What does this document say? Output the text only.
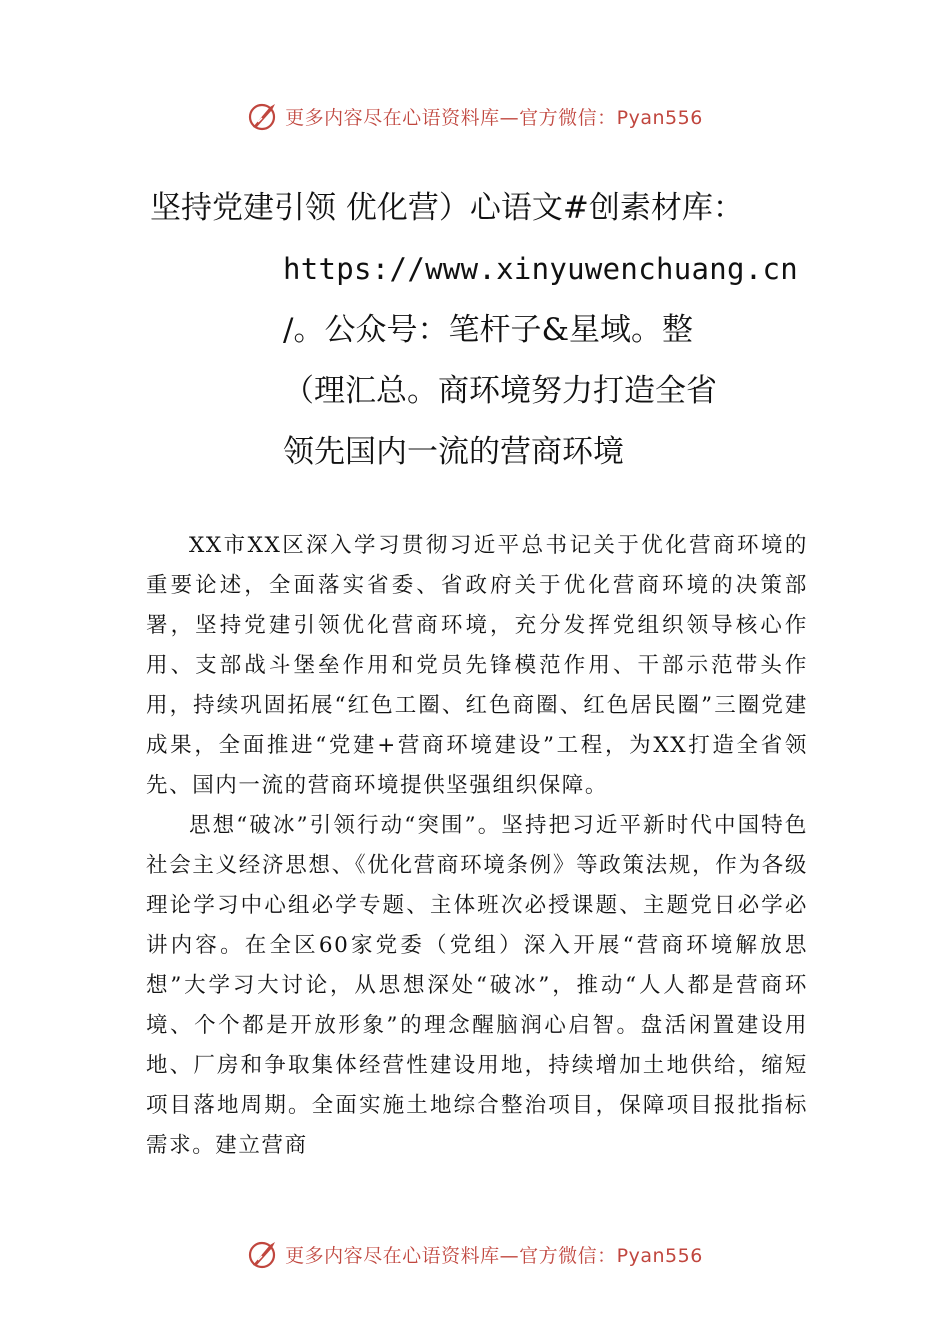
更多内容尽在心语资料库—官方微信：Pyan556
坚持党建引领 优化营）心语文#创素材库：
https://www.xinyuwenchuang.cn
/。公众号：笔杆子&星域。整
（理汇总。商环境努力打造全省
领先国内一流的营商环境

XX市XX区深入学习贯彻习近平总书记关于优化营商环境的重要论述，全面落实省委、省政府关于优化营商环境的决策部署，坚持党建引领优化营商环境，充分发挥党组织领导核心作用、支部战斗堡垒作用和党员先锋模范作用、干部示范带头作用，持续巩固拓展“红色工圈、红色商圈、红色居民圈”三圈党建成果，全面推进“党建+营商环境建设”工程，为XX打造全省领先、国内一流的营商环境提供坚强组织保障。

思想“破冰”引领行动“突围”。坚持把习近平新时代中国特色社会主义经济思想、《优化营商环境条例》等政策法规，作为各级理论学习中心组必学专题、主体班次必授课题、主题党日必学必讲内容。在全区60家党委（党组）深入开展“营商环境解放思想”大学习大讨论，从思想深处“破冰”，推动“人人都是营商环境、个个都是开放形象”的理念醒脑润心启智。盘活闲置建设用地、厂房和争取集体经营性建设用地，持续增加土地供给，缩短项目落地周期。全面实施土地综合整治项目，保障项目报批指标需求。建立营商

更多内容尽在心语资料库—官方微信：Pyan556
